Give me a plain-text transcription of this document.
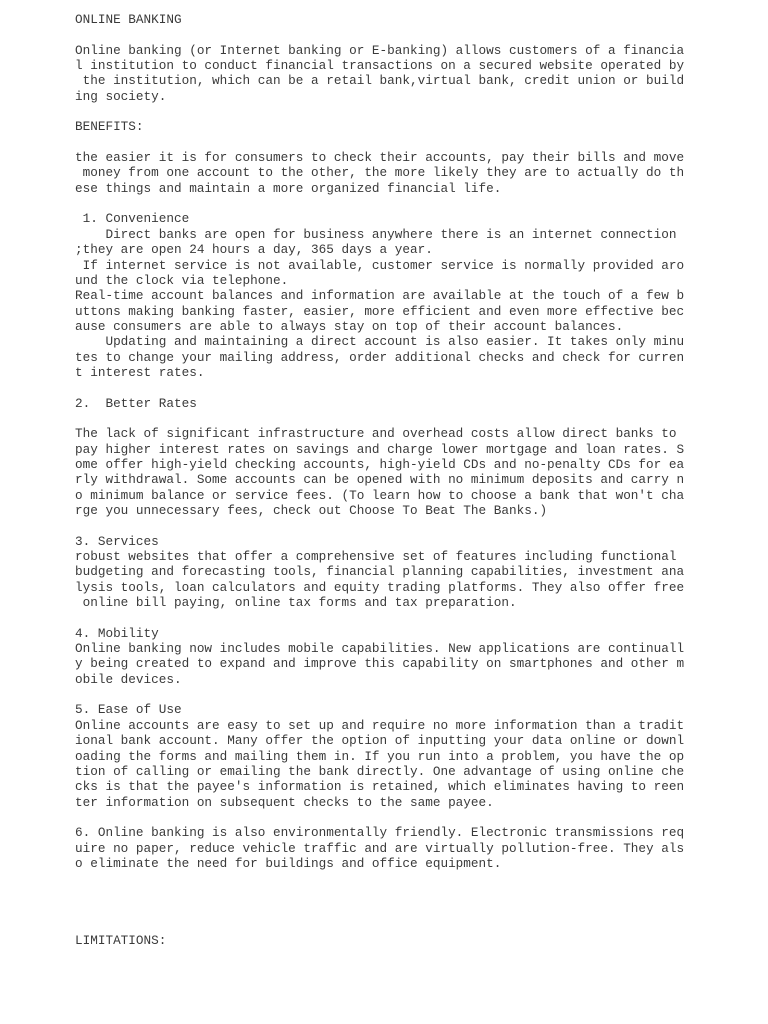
ONLINE BANKING
Online banking (or Internet banking or E-banking) allows customers of a financia
l institution to conduct financial transactions on a secured website operated by
the institution, which can be a retail bank,virtual bank, credit union or build
ing society.
BENEFITS:
the easier it is for consumers to check their accounts, pay their bills and move
money from one account to the other, the more likely they are to actually do th
ese things and maintain a more organized financial life.
1. Convenience
Direct banks are open for business anywhere there is an internet connection
;they are open 24 hours a day, 365 days a year.
If internet service is not available, customer service is normally provided aro
und the clock via telephone.
Real-time account balances and information are available at the touch of a few b
uttons making banking faster, easier, more efficient and even more effective bec
ause consumers are able to always stay on top of their account balances.
Updating and maintaining a direct account is also easier. It takes only minu
tes to change your mailing address, order additional checks and check for curren
t interest rates.
2.  Better Rates
The lack of significant infrastructure and overhead costs allow direct banks to
pay higher interest rates on savings and charge lower mortgage and loan rates. S
ome offer high-yield checking accounts, high-yield CDs and no-penalty CDs for ea
rly withdrawal. Some accounts can be opened with no minimum deposits and carry n
o minimum balance or service fees. (To learn how to choose a bank that won't cha
rge you unnecessary fees, check out Choose To Beat The Banks.)
3. Services
robust websites that offer a comprehensive set of features including functional
budgeting and forecasting tools, financial planning capabilities, investment ana
lysis tools, loan calculators and equity trading platforms. They also offer free
online bill paying, online tax forms and tax preparation.
4. Mobility
Online banking now includes mobile capabilities. New applications are continuall
y being created to expand and improve this capability on smartphones and other m
obile devices.
5. Ease of Use
Online accounts are easy to set up and require no more information than a tradit
ional bank account. Many offer the option of inputting your data online or downl
oading the forms and mailing them in. If you run into a problem, you have the op
tion of calling or emailing the bank directly. One advantage of using online che
cks is that the payee's information is retained, which eliminates having to reen
ter information on subsequent checks to the same payee.
6. Online banking is also environmentally friendly. Electronic transmissions req
uire no paper, reduce vehicle traffic and are virtually pollution-free. They als
o eliminate the need for buildings and office equipment.
LIMITATIONS:
